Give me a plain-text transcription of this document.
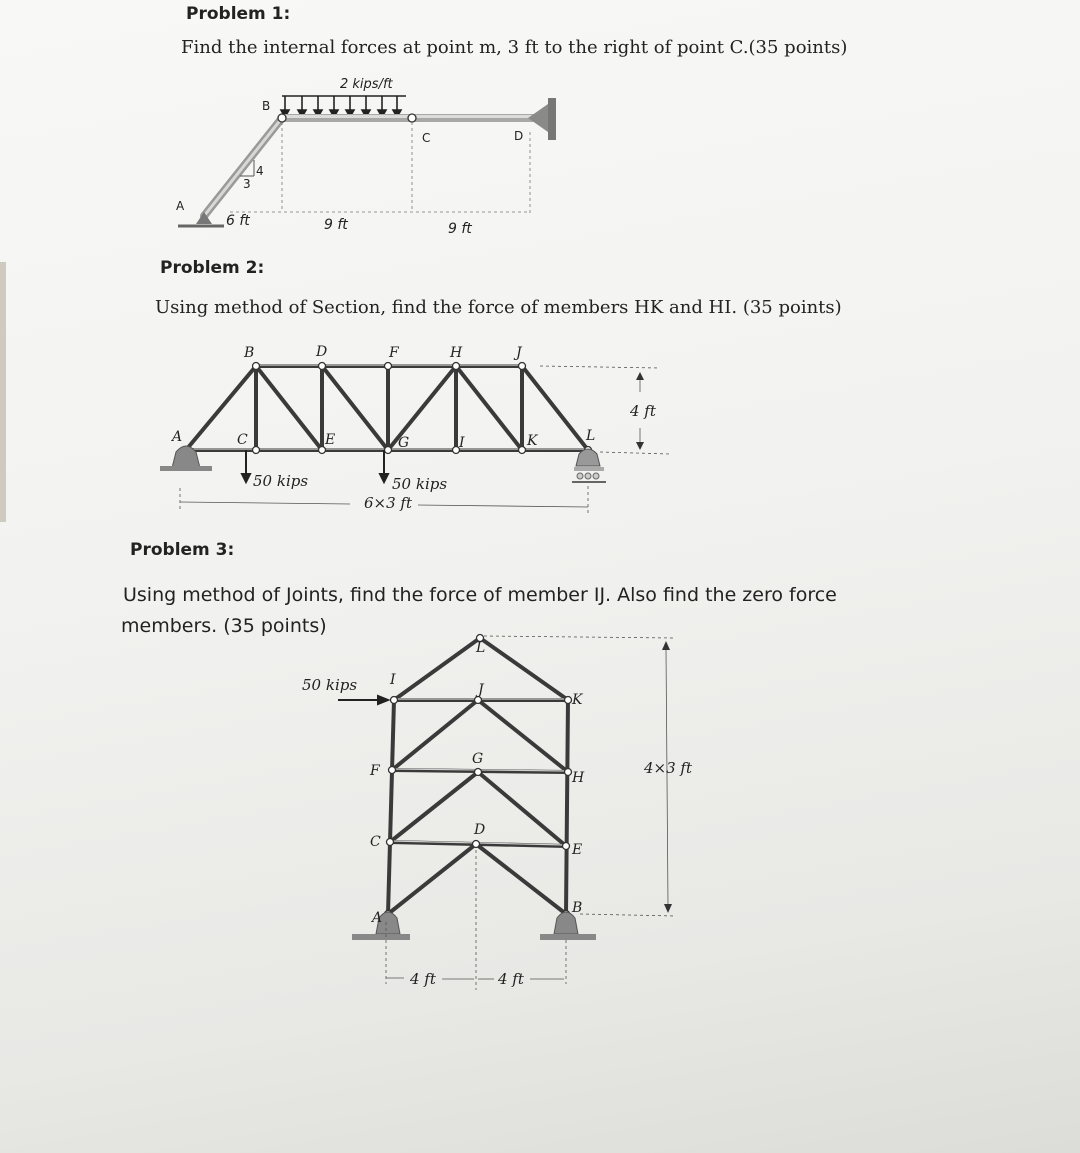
Problem 1:

Find the internal forces at point m, 3 ft to the right of point C.(35 points)

2 kips/ft
3
4
A
B
C	D
6 ft	9 ft	9 ft

Problem 2:

Using method of Section, find the force of members HK and HI. (35 points)

50 kips	50 kips
6×3 ft
4 ft
B	D	F	H	J
A	C	E	G	I	K	L

Problem 3:

Using method of Joints, find the force of member IJ. Also find the zero force

members. (35 points)

50 kips
4×3 ft
4 ft	4 ft
L
I
J
K
F
G
H
C
D
E
A
B
